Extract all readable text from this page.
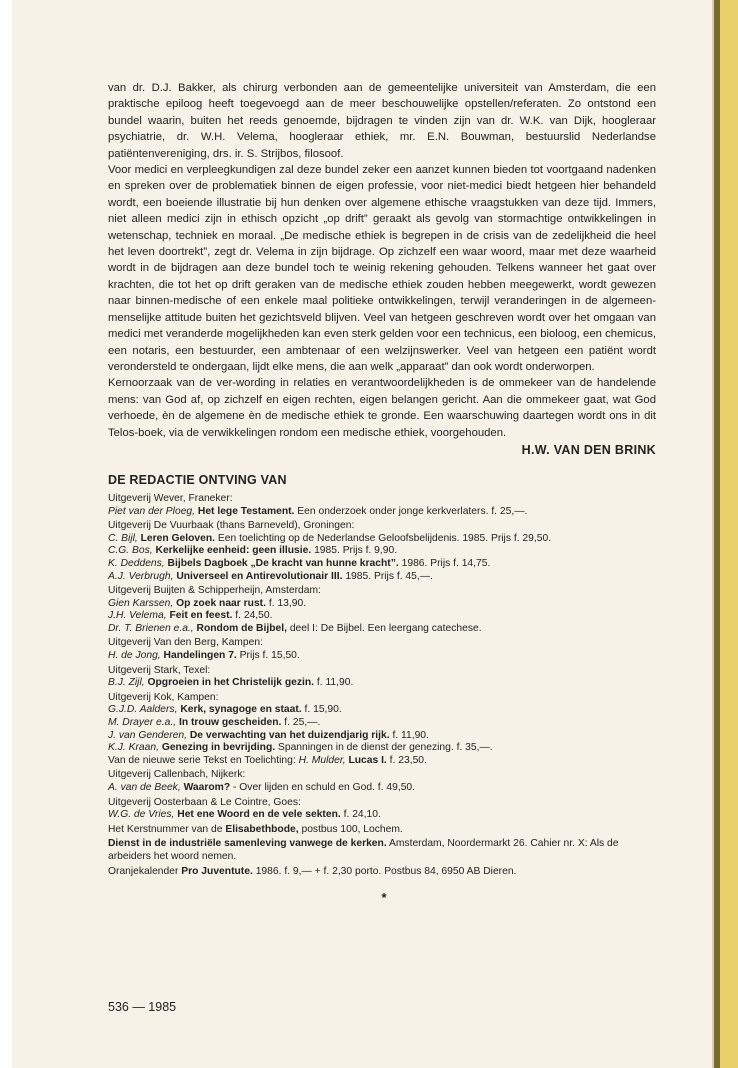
van dr. D.J. Bakker, als chirurg verbonden aan de gemeentelijke universiteit van Amsterdam, die een praktische epiloog heeft toegevoegd aan de meer beschouwelijke opstellen/referaten. Zo ontstond een bundel waarin, buiten het reeds genoemde, bijdragen te vinden zijn van dr. W.K. van Dijk, hoogleraar psychiatrie, dr. W.H. Velema, hoogleraar ethiek, mr. E.N. Bouwman, bestuurslid Nederlandse patiëntenvereniging, drs. ir. S. Strijbos, filosoof.

Voor medici en verpleegkundigen zal deze bundel zeker een aanzet kunnen bieden tot voortgaand nadenken en spreken over de problematiek binnen de eigen professie, voor niet-medici biedt hetgeen hier behandeld wordt, een boeiende illustratie bij hun denken over algemene ethische vraagstukken van deze tijd. Immers, niet alleen medici zijn in ethisch opzicht „op drift” geraakt als gevolg van stormachtige ontwikkelingen in wetenschap, techniek en moraal. „De medische ethiek is begrepen in de crisis van de zedelijkheid die heel het leven doortrekt”, zegt dr. Velema in zijn bijdrage. Op zichzelf een waar woord, maar met deze waarheid wordt in de bijdragen aan deze bundel toch te weinig rekening gehouden. Telkens wanneer het gaat over krachten, die tot het op drift geraken van de medische ethiek zouden hebben meegewerkt, wordt gewezen naar binnen-medische of een enkele maal politieke ontwikkelingen, terwijl veranderingen in de algemeen-menselijke attitude buiten het gezichtsveld blijven. Veel van hetgeen geschreven wordt over het omgaan van medici met veranderde mogelijkheden kan even sterk gelden voor een technicus, een bioloog, een chemicus, een notaris, een bestuurder, een ambtenaar of een welzijnswerker. Veel van hetgeen een patiënt wordt verondersteld te ondergaan, lijdt elke mens, die aan welk „apparaat” dan ook wordt onderworpen.

Kernoorzaak van de ver-wording in relaties en verantwoordelijkheden is de ommekeer van de handelende mens: van God af, op zichzelf en eigen rechten, eigen belangen gericht. Aan die ommekeer gaat, wat God verhoede, èn de algemene èn de medische ethiek te gronde. Een waarschuwing daartegen wordt ons in dit Telos-boek, via de verwikkelingen rondom een medische ethiek, voorgehouden.

H.W. VAN DEN BRINK
DE REDACTIE ONTVING VAN
Uitgeverij Wever, Franeker:
Piet van der Ploeg, Het lege Testament. Een onderzoek onder jonge kerkverlaters. f. 25,—.
Uitgeverij De Vuurbaak (thans Barneveld), Groningen:
C. Bijl, Leren Geloven. Een toelichting op de Nederlandse Geloofsbelijdenis. 1985. Prijs f. 29,50.
C.G. Bos, Kerkelijke eenheid: geen illusie. 1985. Prijs f. 9,90.
K. Deddens, Bijbels Dagboek „De kracht van hunne kracht”. 1986. Prijs f. 14,75.
A.J. Verbrugh, Universeel en Antirevolutionair III. 1985. Prijs f. 45,—.
Uitgeverij Buijten & Schipperheijn, Amsterdam:
Gien Karssen, Op zoek naar rust. f. 13,90.
J.H. Velema, Feit en feest. f. 24,50.
Dr. T. Brienen e.a., Rondom de Bijbel, deel I: De Bijbel. Een leergang catechese.
Uitgeverij Van den Berg, Kampen:
H. de Jong, Handelingen 7. Prijs f. 15,50.
Uitgeverij Stark, Texel:
B.J. Zijl, Opgroeien in het Christelijk gezin. f. 11,90.
Uitgeverij Kok, Kampen:
G.J.D. Aalders, Kerk, synagoge en staat. f. 15,90.
M. Drayer e.a., In trouw gescheiden. f. 25,—.
J. van Genderen, De verwachting van het duizendjarig rijk. f. 11,90.
K.J. Kraan, Genezing in bevrijding. Spanningen in de dienst der genezing. f. 35,—.
Van de nieuwe serie Tekst en Toelichting: H. Mulder, Lucas I. f. 23,50.
Uitgeverij Callenbach, Nijkerk:
A. van de Beek, Waarom? - Over lijden en schuld en God. f. 49,50.
Uitgeverij Oosterbaan & Le Cointre, Goes:
W.G. de Vries, Het ene Woord en de vele sekten. f. 24,10.
Het Kerstnummer van de Elisabethbode, postbus 100, Lochem.
Dienst in de industriële samenleving vanwege de kerken. Amsterdam, Noordermarkt 26. Cahier nr. X: Als de arbeiders het woord nemen.
Oranjekalender Pro Juventute. 1986. f. 9,— + f. 2,30 porto. Postbus 84, 6950 AB Dieren.
*
536 — 1985
